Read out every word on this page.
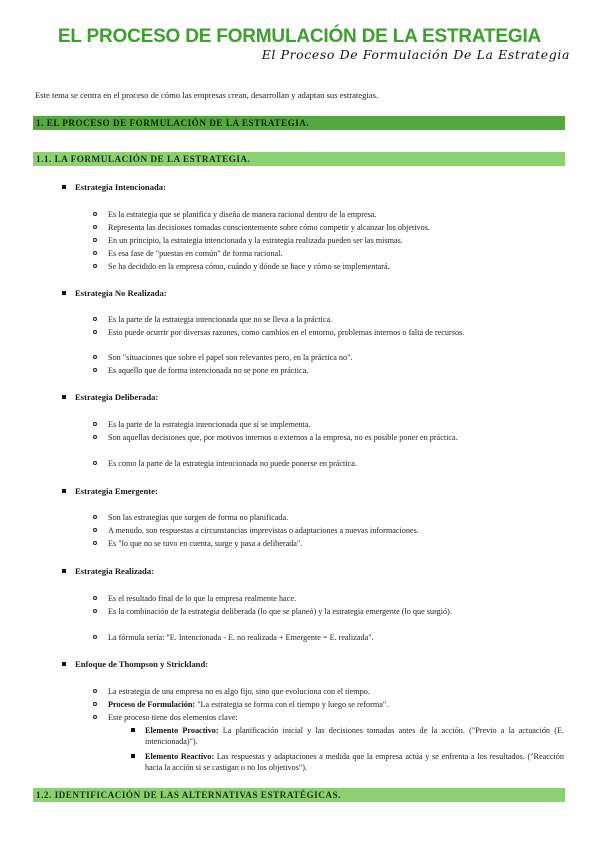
EL PROCESO DE FORMULACIÓN DE LA ESTRATEGIA
El Proceso De Formulación De La Estrategia
Este tema se centra en el proceso de cómo las empresas crean, desarrollan y adaptan sus estrategias.
1. EL PROCESO DE FORMULACIÓN DE LA ESTRATEGIA.
1.1. LA FORMULACIÓN DE LA ESTRATEGIA.
Estrategia Intencionada:
Es la estrategia que se planifica y diseña de manera racional dentro de la empresa.
Representa las decisiones tomadas conscientemente sobre cómo competir y alcanzar los objetivos.
En un principio, la estrategia intencionada y la estrategia realizada pueden ser las mismas.
Es esa fase de "puestas en común" de forma racional.
Se ha decidido en la empresa cómo, cuándo y dónde se hace y cómo se implementará.
Estrategia No Realizada:
Es la parte de la estrategia intencionada que no se lleva a la práctica.
Esto puede ocurrir por diversas razones, como cambios en el entorno, problemas internos o falta de recursos.
Son "situaciones que sobre el papel son relevantes pero, en la práctica no".
Es aquello que de forma intencionada no se pone en práctica.
Estrategia Deliberada:
Es la parte de la estrategia intencionada que sí se implementa.
Son aquellas decisiones que, por motivos internos o externos a la empresa, no es posible poner en práctica.
Es como la parte de la estrategia intencionada no puede ponerse en práctica.
Estrategia Emergente:
Son las estrategias que surgen de forma no planificada.
A menudo, son respuestas a circunstancias imprevistas o adaptaciones a nuevas informaciones.
Es "lo que no se tuvo en cuenta, surge y pasa a deliberada".
Estrategia Realizada:
Es el resultado final de lo que la empresa realmente hace.
Es la combinación de la estrategia deliberada (lo que se planeó) y la estrategia emergente (lo que surgió).
La fórmula sería: "E. Intencionada - E. no realizada + Emergente = E. realizada".
Enfoque de Thompson y Strickland:
La estrategia de una empresa no es algo fijo, sino que evoluciona con el tiempo.
Proceso de Formulación: "La estrategia se forma con el tiempo y luego se reforma".
Este proceso tiene dos elementos clave:
Elemento Proactivo: La planificación inicial y las decisiones tomadas antes de la acción. ("Previo a la actuación (E. intencionada)").
Elemento Reactivo: Las respuestas y adaptaciones a medida que la empresa actúa y se enfrenta a los resultados. ("Reacción hacia la acción si se castigan o no los objetivos").
1.2. IDENTIFICACIÓN DE LAS ALTERNATIVAS ESTRATÉGICAS.
